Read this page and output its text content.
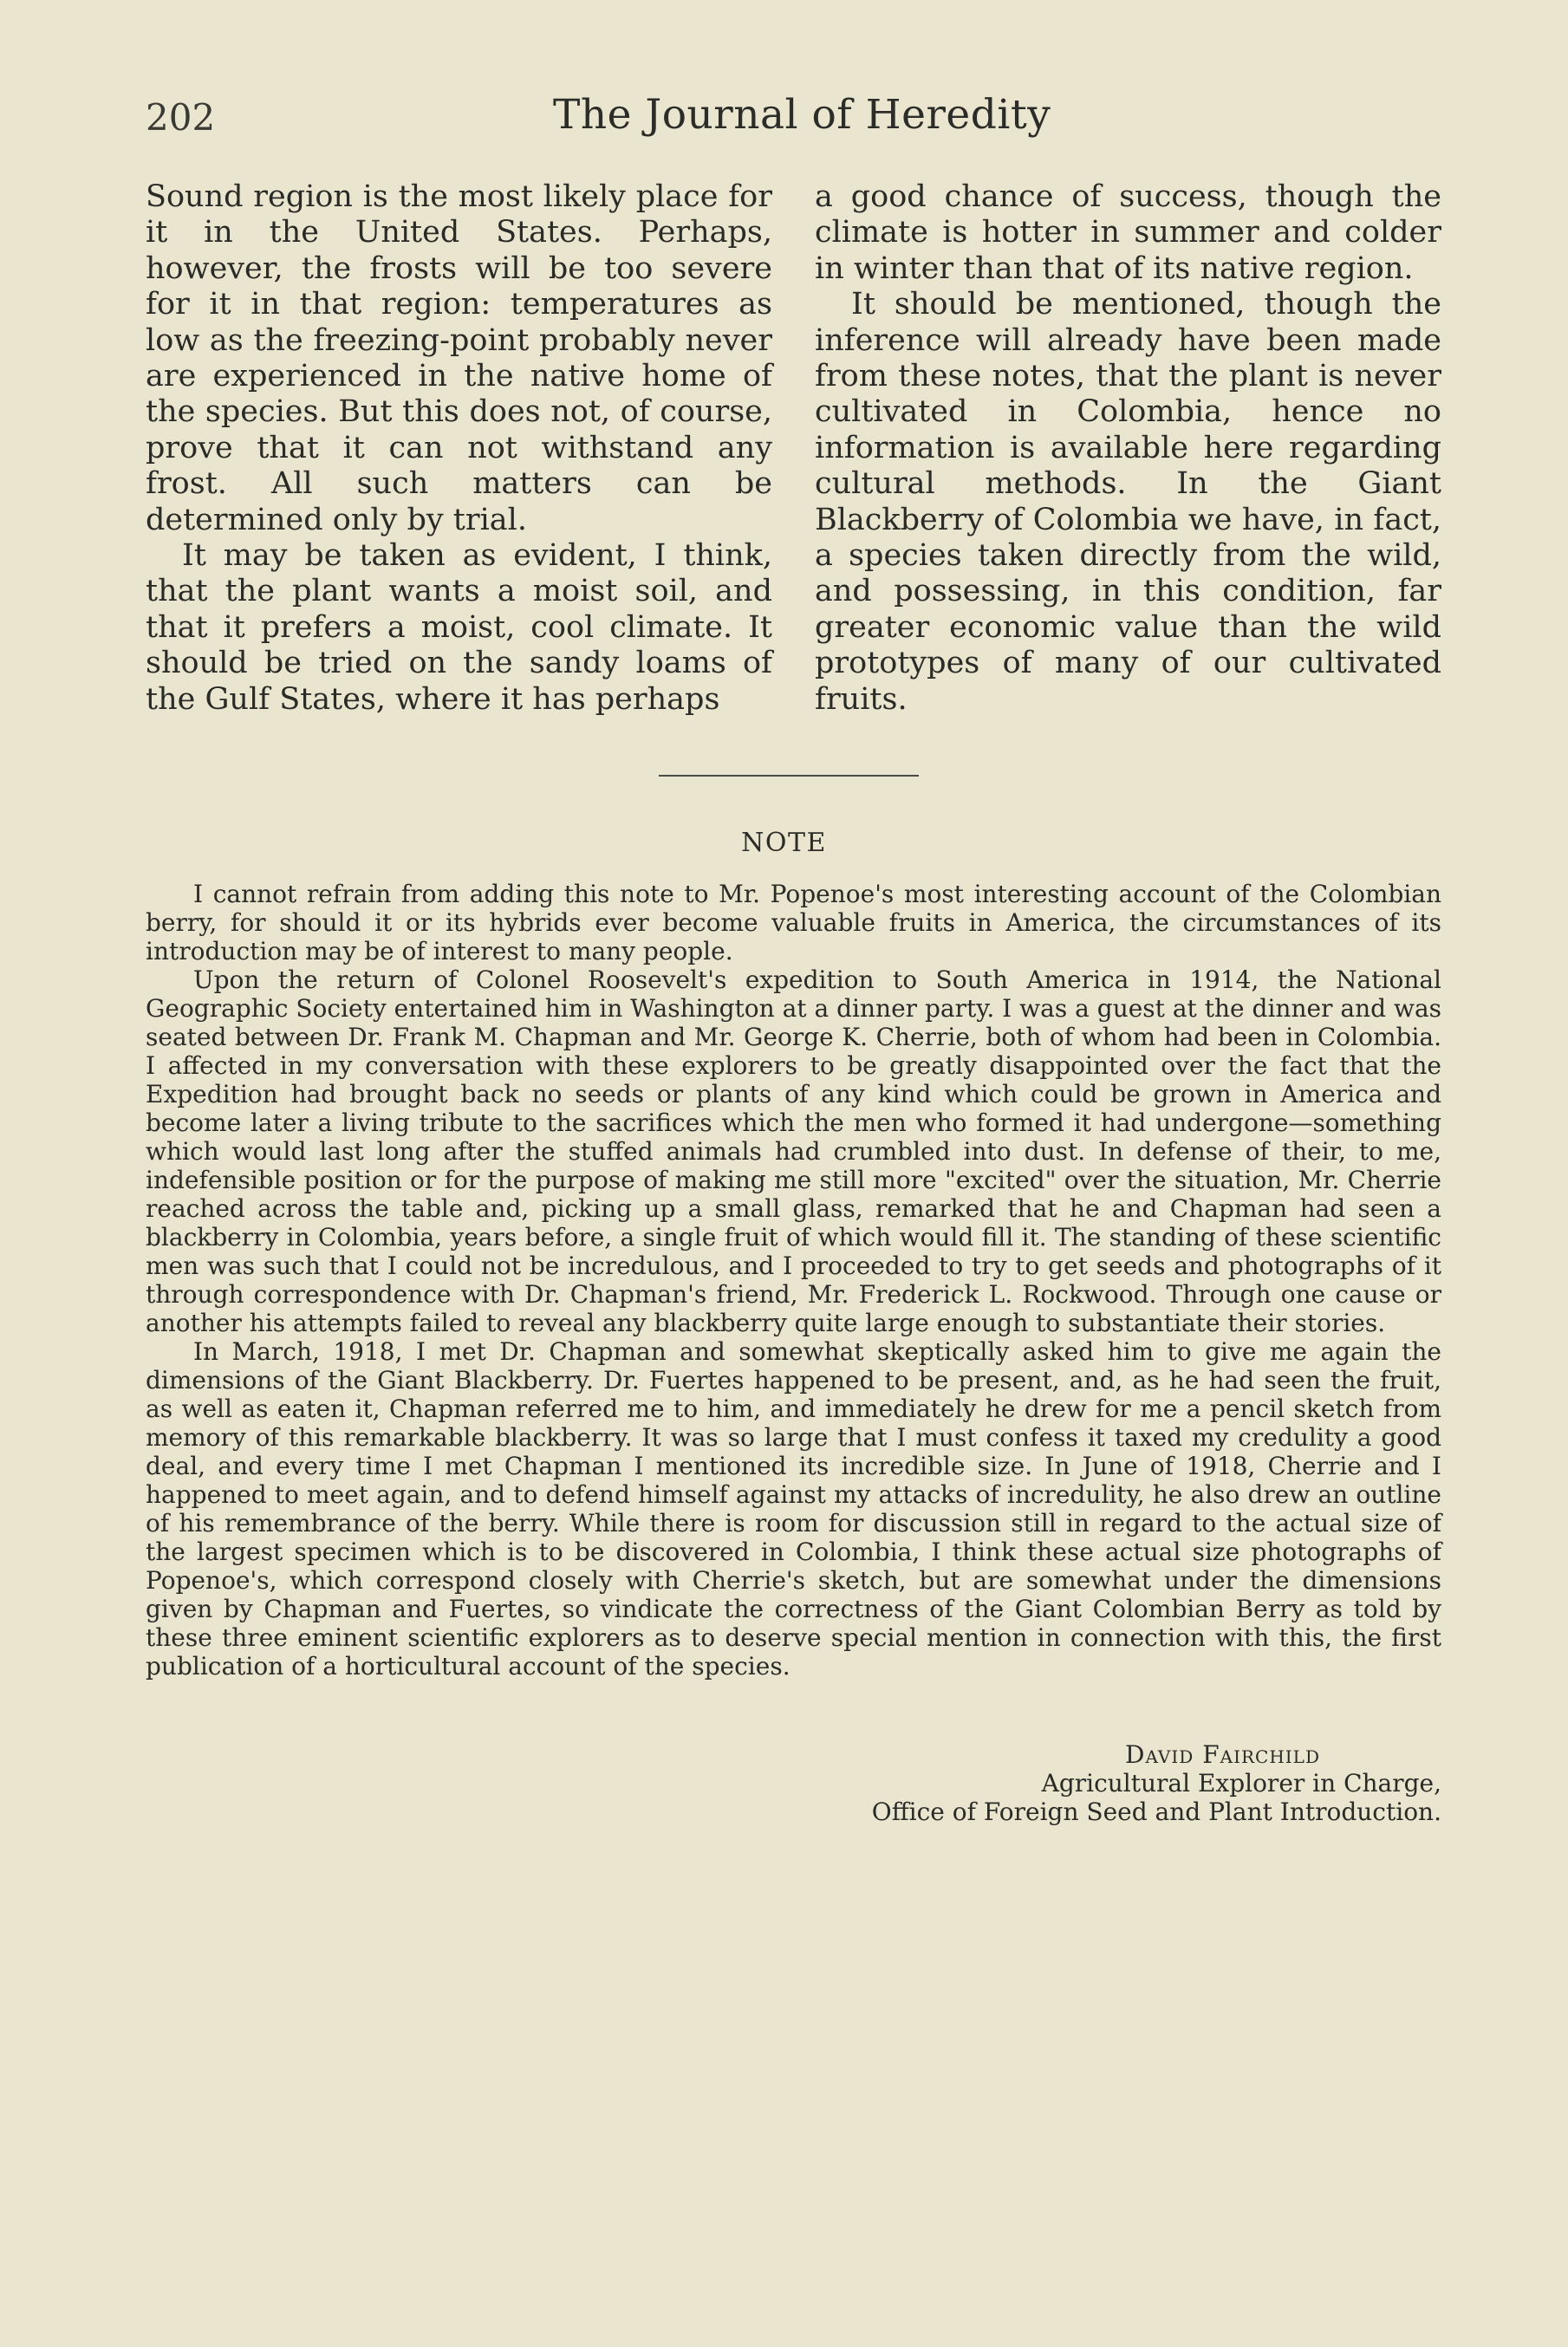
202	The Journal of Heredity

Sound region is the most likely place for it in the United States. Perhaps, however, the frosts will be too severe for it in that region: temperatures as low as the freezing-point probably never are experienced in the native home of the species. But this does not, of course, prove that it can not withstand any frost. All such matters can be determined only by trial.

It may be taken as evident, I think, that the plant wants a moist soil, and that it prefers a moist, cool climate. It should be tried on the sandy loams of the Gulf States, where it has perhaps

a good chance of success, though the climate is hotter in summer and colder in winter than that of its native region.

It should be mentioned, though the inference will already have been made from these notes, that the plant is never cultivated in Colombia, hence no information is available here regarding cultural methods. In the Giant Blackberry of Colombia we have, in fact, a species taken directly from the wild, and possessing, in this condition, far greater economic value than the wild prototypes of many of our cultivated fruits.

NOTE

I cannot refrain from adding this note to Mr. Popenoe's most interesting account of the Colombian berry, for should it or its hybrids ever become valuable fruits in America, the circumstances of its introduction may be of interest to many people.

Upon the return of Colonel Roosevelt's expedition to South America in 1914, the National Geographic Society entertained him in Washington at a dinner party. I was a guest at the dinner and was seated between Dr. Frank M. Chapman and Mr. George K. Cherrie, both of whom had been in Colombia. I affected in my conversation with these explorers to be greatly disappointed over the fact that the Expedition had brought back no seeds or plants of any kind which could be grown in America and become later a living tribute to the sacrifices which the men who formed it had undergone—something which would last long after the stuffed animals had crumbled into dust. In defense of their, to me, indefensible position or for the purpose of making me still more "excited" over the situation, Mr. Cherrie reached across the table and, picking up a small glass, remarked that he and Chapman had seen a blackberry in Colombia, years before, a single fruit of which would fill it. The standing of these scientific men was such that I could not be incredulous, and I proceeded to try to get seeds and photographs of it through correspondence with Dr. Chapman's friend, Mr. Frederick L. Rockwood. Through one cause or another his attempts failed to reveal any blackberry quite large enough to substantiate their stories.

In March, 1918, I met Dr. Chapman and somewhat skeptically asked him to give me again the dimensions of the Giant Blackberry. Dr. Fuertes happened to be present, and, as he had seen the fruit, as well as eaten it, Chapman referred me to him, and immediately he drew for me a pencil sketch from memory of this remarkable blackberry. It was so large that I must confess it taxed my credulity a good deal, and every time I met Chapman I mentioned its incredible size. In June of 1918, Cherrie and I happened to meet again, and to defend himself against my attacks of incredulity, he also drew an outline of his remembrance of the berry. While there is room for discussion still in regard to the actual size of the largest specimen which is to be discovered in Colombia, I think these actual size photographs of Popenoe's, which correspond closely with Cherrie's sketch, but are somewhat under the dimensions given by Chapman and Fuertes, so vindicate the correctness of the Giant Colombian Berry as told by these three eminent scientific explorers as to deserve special mention in connection with this, the first publication of a horticultural account of the species.

David Fairchild
Agricultural Explorer in Charge,
Office of Foreign Seed and Plant Introduction.
